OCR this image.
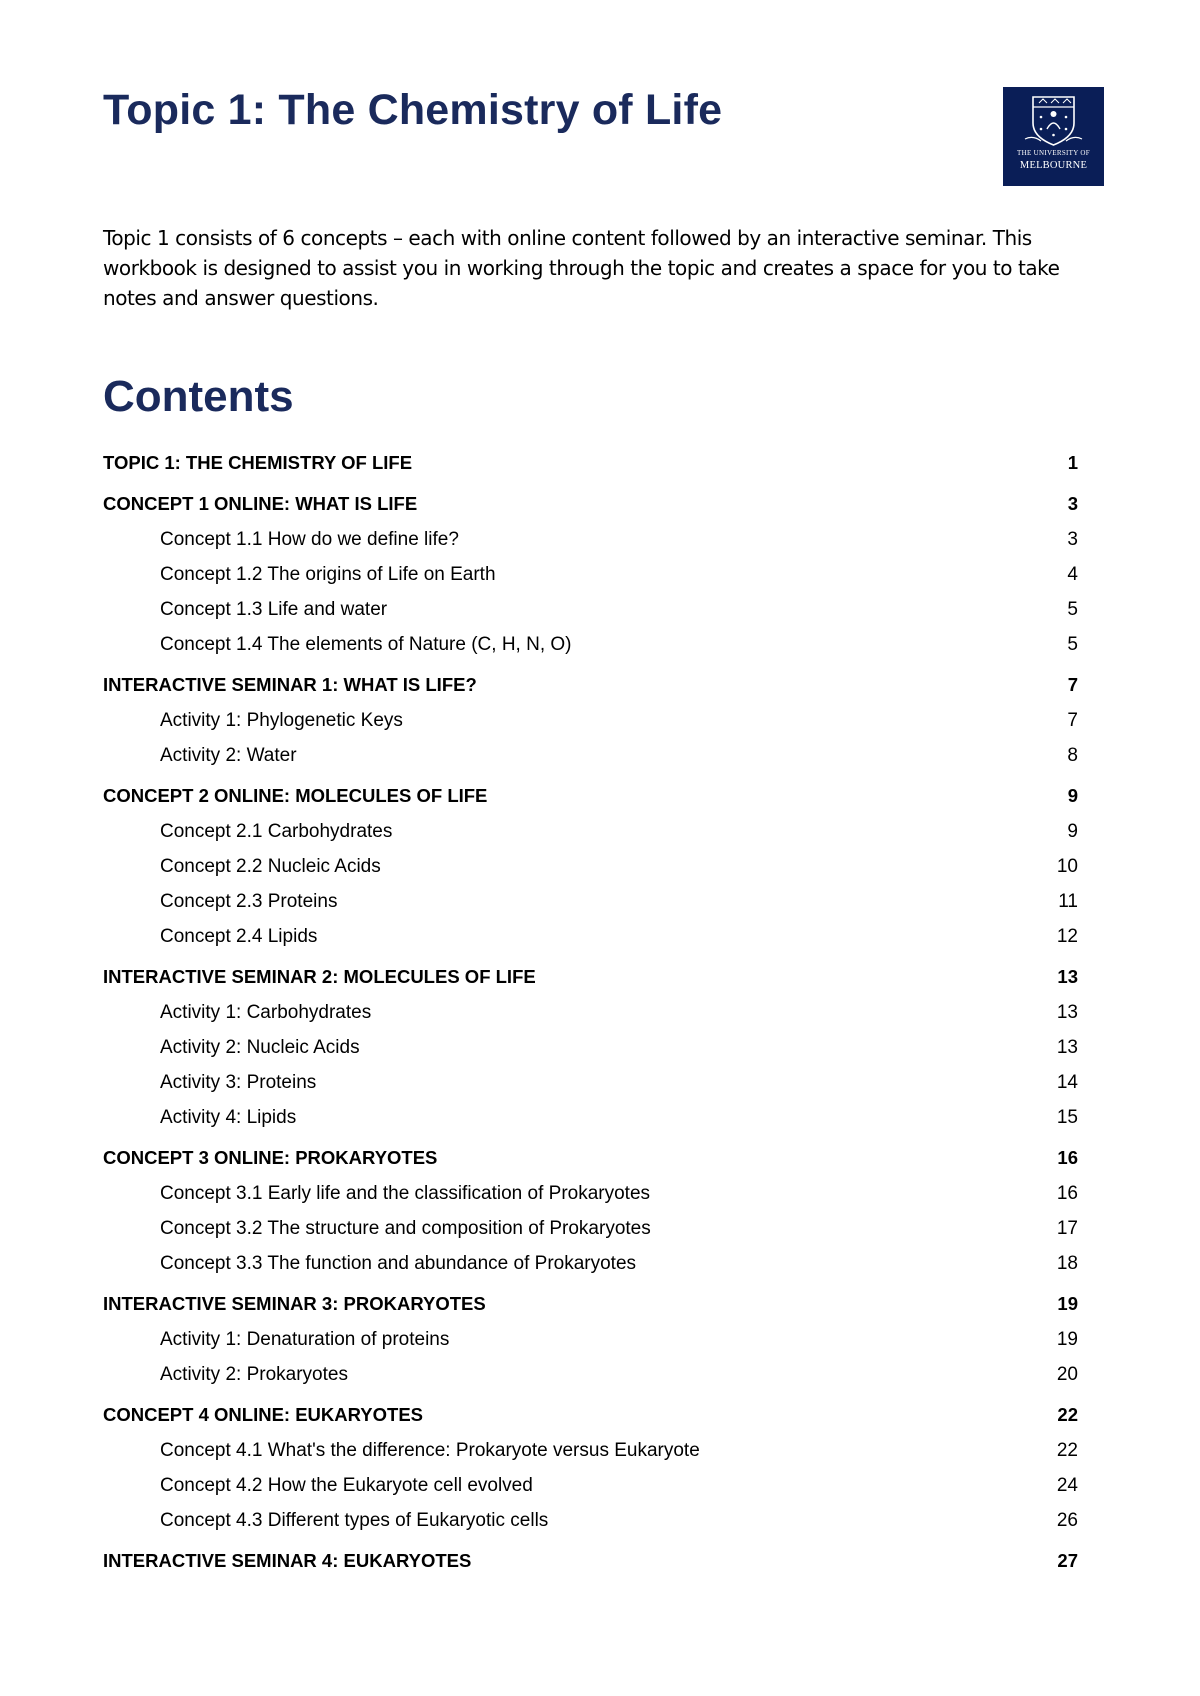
Topic 1: The Chemistry of Life
THE UNIVERSITY OF
MELBOURNE

Topic 1 consists of 6 concepts – each with online content followed by an interactive seminar. This workbook is designed to assist you in working through the topic and creates a space for you to take notes and answer questions.

Contents
TOPIC 1: THE CHEMISTRY OF LIFE	1
CONCEPT 1 ONLINE: WHAT IS LIFE	3
Concept 1.1 How do we define life?	3
Concept 1.2 The origins of Life on Earth	4
Concept 1.3 Life and water	5
Concept 1.4 The elements of Nature (C, H, N, O)	5
INTERACTIVE SEMINAR 1: WHAT IS LIFE?	7
Activity 1: Phylogenetic Keys	7
Activity 2: Water	8
CONCEPT 2 ONLINE: MOLECULES OF LIFE	9
Concept 2.1 Carbohydrates	9
Concept 2.2 Nucleic Acids	10
Concept 2.3 Proteins	11
Concept 2.4 Lipids	12
INTERACTIVE SEMINAR 2: MOLECULES OF LIFE	13
Activity 1: Carbohydrates	13
Activity 2: Nucleic Acids	13
Activity 3: Proteins	14
Activity 4: Lipids	15
CONCEPT 3 ONLINE: PROKARYOTES	16
Concept 3.1 Early life and the classification of Prokaryotes	16
Concept 3.2 The structure and composition of Prokaryotes	17
Concept 3.3 The function and abundance of Prokaryotes	18
INTERACTIVE SEMINAR 3: PROKARYOTES	19
Activity 1: Denaturation of proteins	19
Activity 2: Prokaryotes	20
CONCEPT 4 ONLINE: EUKARYOTES	22
Concept 4.1 What's the difference: Prokaryote versus Eukaryote	22
Concept 4.2 How the Eukaryote cell evolved	24
Concept 4.3 Different types of Eukaryotic cells	26
INTERACTIVE SEMINAR 4: EUKARYOTES	27
